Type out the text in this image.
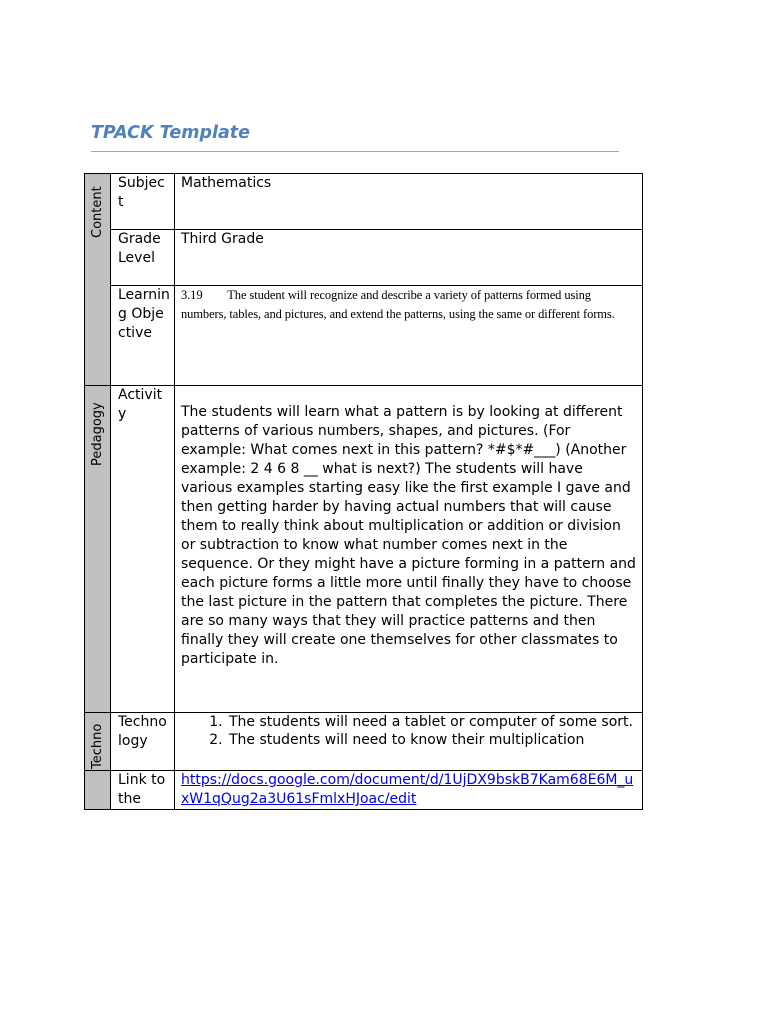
TPACK Template
Content
Pedagogy
Techno
Subject
Mathematics
Grade Level
Third Grade
Learning Objective
3.19  The student will recognize and describe a variety of patterns formed using numbers, tables, and pictures, and extend the patterns, using the same or different forms.
Activity	The students will learn what a pattern is by looking at different patterns of various numbers, shapes, and pictures. (For example: What comes next in this pattern? *#$*#___) (Another example: 2 4 6 8 __ what is next?) The students will have various examples starting easy like the first example I gave and then getting harder by having actual numbers that will cause them to really think about multiplication or addition or division or subtraction to know what number comes next in the sequence. Or they might have a picture forming in a pattern and each picture forms a little more until finally they have to choose the last picture in the pattern that completes the picture. There are so many ways that they will practice patterns and then finally they will create one themselves for other classmates to participate in.
Technology
1. The students will need a tablet or computer of some sort.
2. The students will need to know their multiplication
Link to the
https://docs.google.com/document/d/1UjDX9bskB7Kam68E6M_uxW1qQug2a3U61sFmlxHJoac/edit
